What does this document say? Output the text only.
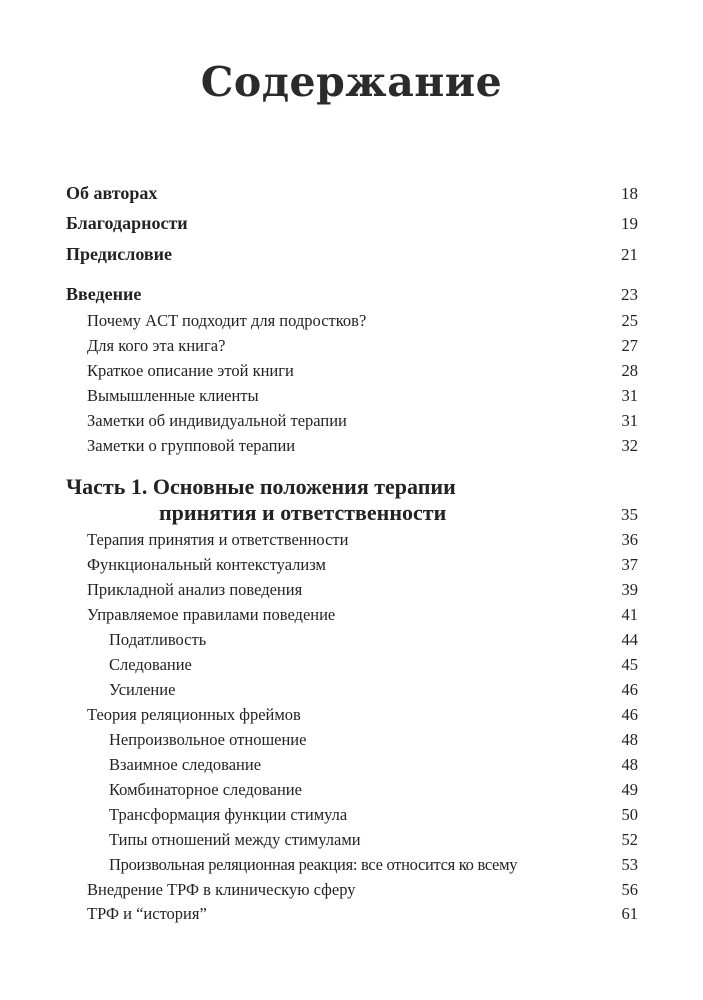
Содержание
Об авторах	18
Благодарности	19
Предисловие	21
Введение	23
Почему ACT подходит для подростков?	25
Для кого эта книга?	27
Краткое описание этой книги	28
Вымышленные клиенты	31
Заметки об индивидуальной терапии	31
Заметки о групповой терапии	32
Часть 1. Основные положения терапии
принятия и ответственности	35
Терапия принятия и ответственности	36
Функциональный контекстуализм	37
Прикладной анализ поведения	39
Управляемое правилами поведение	41
Податливость	44
Следование	45
Усиление	46
Теория реляционных фреймов	46
Непроизвольное отношение	48
Взаимное следование	48
Комбинаторное следование	49
Трансформация функции стимула	50
Типы отношений между стимулами	52
Произвольная реляционная реакция: все относится ко всему	53
Внедрение ТРФ в клиническую сферу	56
ТРФ и “история”	61
